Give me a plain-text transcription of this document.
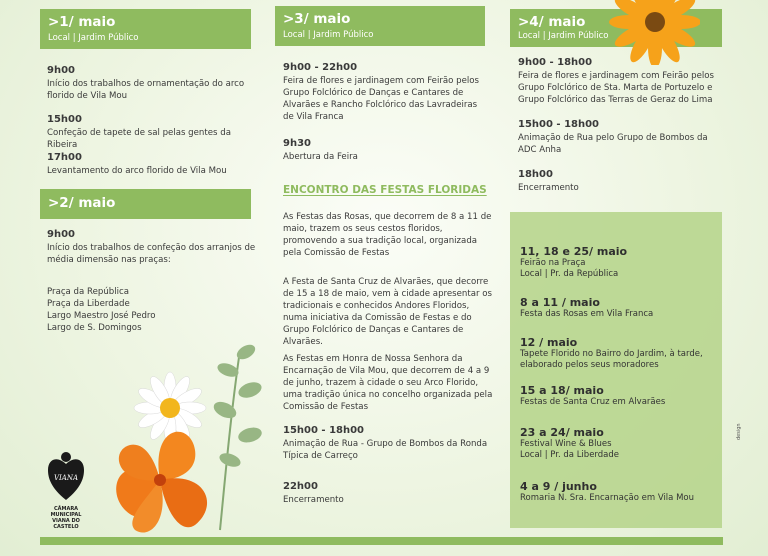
>1/ maio
Local | Jardim Público
9h00
Início dos trabalhos de ornamentação do arco florido de Vila Mou
15h00
Confeção de tapete de sal pelas gentes da Ribeira
17h00
Levantamento do arco florido de Vila Mou
>2/ maio
9h00
Início dos trabalhos de confeção dos arranjos de média dimensão nas praças:
Praça da República
Praça da Liberdade
Largo Maestro José Pedro
Largo de S. Domingos
>3/ maio
Local | Jardim Público
9h00 - 22h00
Feira de flores e jardinagem com Feirão pelos Grupo Folclórico de Danças e Cantares de Alvarães e Rancho Folclórico das Lavradeiras de Vila Franca
9h30
Abertura da Feira
ENCONTRO DAS FESTAS FLORIDAS
As Festas das Rosas, que decorrem de 8 a 11 de maio, trazem os seus cestos floridos, promovendo a sua tradição local, organizada pela Comissão de Festas
A Festa de Santa Cruz de Alvarães, que decorre de 15 a 18 de maio, vem à cidade apresentar os tradicionais e conhecidos Andores Floridos, numa iniciativa da Comissão de Festas e do Grupo Folclórico de Danças e Cantares de Alvarães.
As Festas em Honra de Nossa Senhora da Encarnação de Vila Mou, que decorrem de 4 a 9 de junho, trazem à cidade o seu Arco Florido, uma tradição única no concelho organizada pela Comissão de Festas
15h00 - 18h00
Animação de Rua - Grupo de Bombos da Ronda Típica de Carreço
22h00
Encerramento
>4/ maio
Local | Jardim Público
9h00 - 18h00
Feira de flores e jardinagem com Feirão pelos Grupo Folclórico de Sta. Marta de Portuzelo e Grupo Folclórico das Terras de Geraz do Lima
15h00 - 18h00
Animação de Rua pelo Grupo de Bombos da ADC Anha
18h00
Encerramento
11, 18 e 25/ maio
Feirão na Praça
Local | Pr. da República
8 a 11 / maio
Festa das Rosas em Vila Franca
12 / maio
Tapete Florido no Bairro do Jardim, à tarde,
elaborado pelos seus moradores
15 a 18/ maio
Festas de Santa Cruz em Alvarães
23 a 24/ maio
Festival Wine & Blues
Local | Pr. da Liberdade
4 a 9 / junho
Romaria N. Sra. Encarnação em Vila Mou
VIANA
CÂMARA MUNICIPAL
VIANA DO CASTELO
design
